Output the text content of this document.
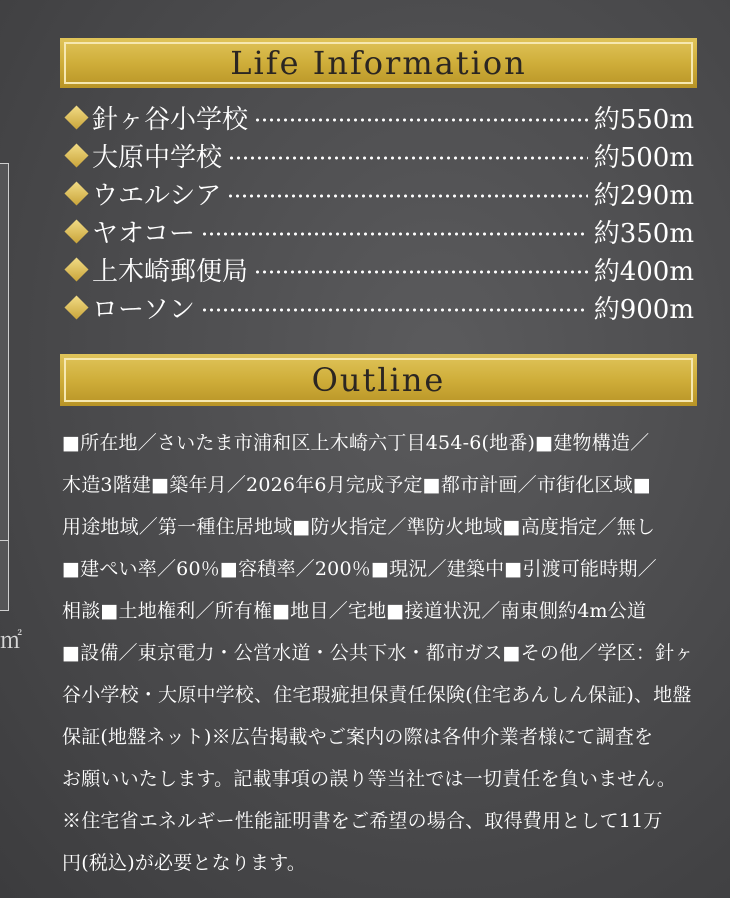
㎡
Life Information
針ヶ谷小学校	約550m
大原中学校	約500m
ウエルシア	約290m
ヤオコー	約350m
上木崎郵便局	約400m
ローソン	約900m
Outline
■所在地／さいたま市浦和区上木崎六丁目454-6(地番)■建物構造／
木造3階建■築年月／2026年6月完成予定■都市計画／市街化区域■
用途地域／第一種住居地域■防火指定／準防火地域■高度指定／無し
■建ぺい率／60％■容積率／200％■現況／建築中■引渡可能時期／
相談■土地権利／所有権■地目／宅地■接道状況／南東側約4m公道
■設備／東京電力・公営水道・公共下水・都市ガス■その他／学区：針ヶ
谷小学校・大原中学校、住宅瑕疵担保責任保険(住宅あんしん保証)、地盤
保証(地盤ネット)※広告掲載やご案内の際は各仲介業者様にて調査を
お願いいたします。記載事項の誤り等当社では一切責任を負いません。
※住宅省エネルギー性能証明書をご希望の場合、取得費用として11万
円(税込)が必要となります。
